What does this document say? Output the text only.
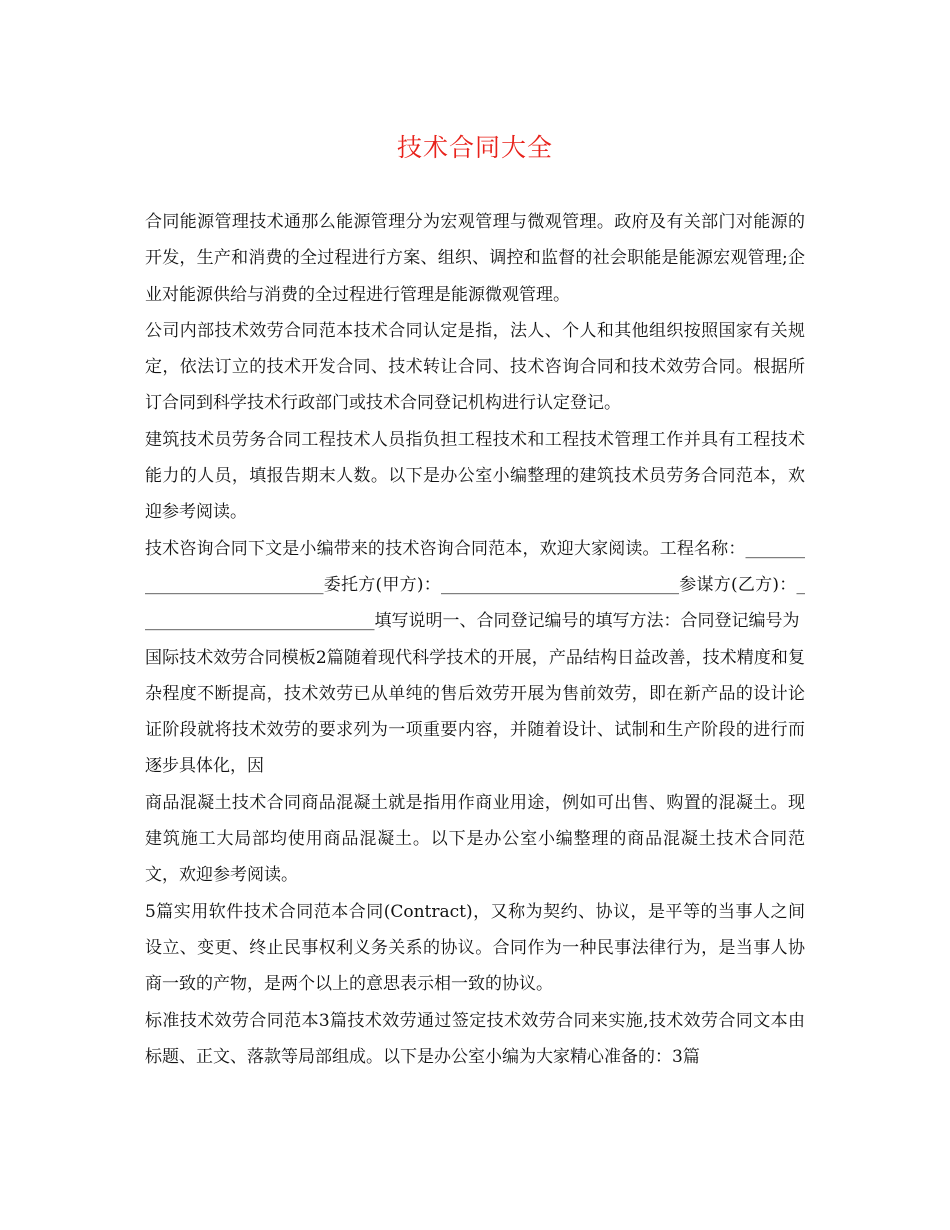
技术合同大全

合同能源管理技术通那么能源管理分为宏观管理与微观管理。政府及有关部门对能源的开发，生产和消费的全过程进行方案、组织、调控和监督的社会职能是能源宏观管理;企业对能源供给与消费的全过程进行管理是能源微观管理。

公司内部技术效劳合同范本技术合同认定是指，法人、个人和其他组织按照国家有关规定，依法订立的技术开发合同、技术转让合同、技术咨询合同和技术效劳合同。根据所订合同到科学技术行政部门或技术合同登记机构进行认定登记。

建筑技术员劳务合同工程技术人员指负担工程技术和工程技术管理工作并具有工程技术能力的人员，填报告期末人数。以下是办公室小编整理的建筑技术员劳务合同范本，欢迎参考阅读。

技术咨询合同下文是小编带来的技术咨询合同范本，欢迎大家阅读。工程名称：____________________________委托方(甲方)：____________________________参谋方(乙方)：____________________________填写说明一、合同登记编号的填写方法：合同登记编号为

国际技术效劳合同模板2篇随着现代科学技术的开展，产品结构日益改善，技术精度和复杂程度不断提高，技术效劳已从单纯的售后效劳开展为售前效劳，即在新产品的设计论证阶段就将技术效劳的要求列为一项重要内容，并随着设计、试制和生产阶段的进行而逐步具体化，因

商品混凝土技术合同商品混凝土就是指用作商业用途，例如可出售、购置的混凝土。现建筑施工大局部均使用商品混凝土。以下是办公室小编整理的商品混凝土技术合同范文，欢迎参考阅读。

5篇实用软件技术合同范本合同(Contract)，又称为契约、协议，是平等的当事人之间设立、变更、终止民事权利义务关系的协议。合同作为一种民事法律行为，是当事人协商一致的产物，是两个以上的意思表示相一致的协议。

标准技术效劳合同范本3篇技术效劳通过签定技术效劳合同来实施,技术效劳合同文本由标题、正文、落款等局部组成。以下是办公室小编为大家精心准备的：3篇
